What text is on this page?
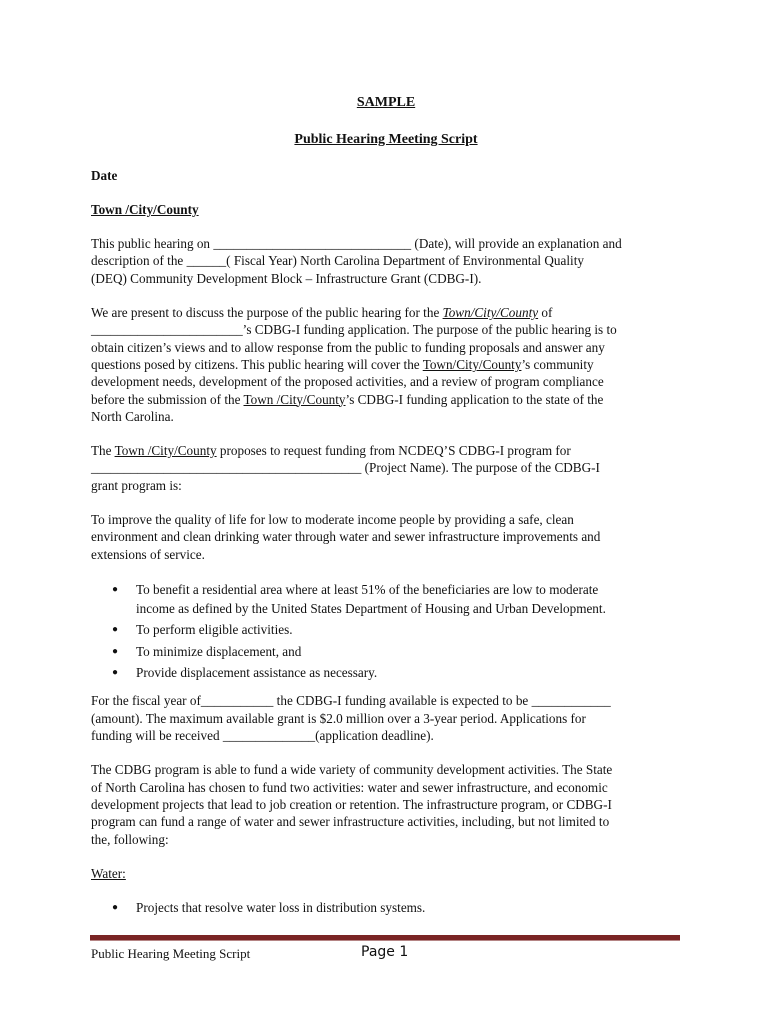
SAMPLE
Public Hearing Meeting Script
Date
Town /City/County

This public hearing on ______________________________ (Date), will provide an explanation and
description of the ______( Fiscal Year) North Carolina Department of Environmental Quality
(DEQ) Community Development Block – Infrastructure Grant (CDBG-I).

We are present to discuss the purpose of the public hearing for the Town/City/County of
_______________________’s CDBG-I funding application. The purpose of the public hearing is to
obtain citizen’s views and to allow response from the public to funding proposals and answer any
questions posed by citizens. This public hearing will cover the Town/City/County’s community
development needs, development of the proposed activities, and a review of program compliance
before the submission of the Town /City/County’s CDBG-I funding application to the state of the
North Carolina.

The Town /City/County proposes to request funding from NCDEQ’S CDBG-I program for
_________________________________________ (Project Name). The purpose of the CDBG-I
grant program is:

To improve the quality of life for low to moderate income people by providing a safe, clean
environment and clean drinking water through water and sewer infrastructure improvements and
extensions of service.

● To benefit a residential area where at least 51% of the beneficiaries are low to moderate
income as defined by the United States Department of Housing and Urban Development.
● To perform eligible activities.
● To minimize displacement, and
● Provide displacement assistance as necessary.

For the fiscal year of___________ the CDBG-I funding available is expected to be ____________
(amount). The maximum available grant is $2.0 million over a 3-year period. Applications for
funding will be received ______________(application deadline).

The CDBG program is able to fund a wide variety of community development activities. The State
of North Carolina has chosen to fund two activities: water and sewer infrastructure, and economic
development projects that lead to job creation or retention. The infrastructure program, or CDBG-I
program can fund a range of water and sewer infrastructure activities, including, but not limited to
the, following:

Water:
● Projects that resolve water loss in distribution systems.
Public Hearing Meeting Script	Page 1
